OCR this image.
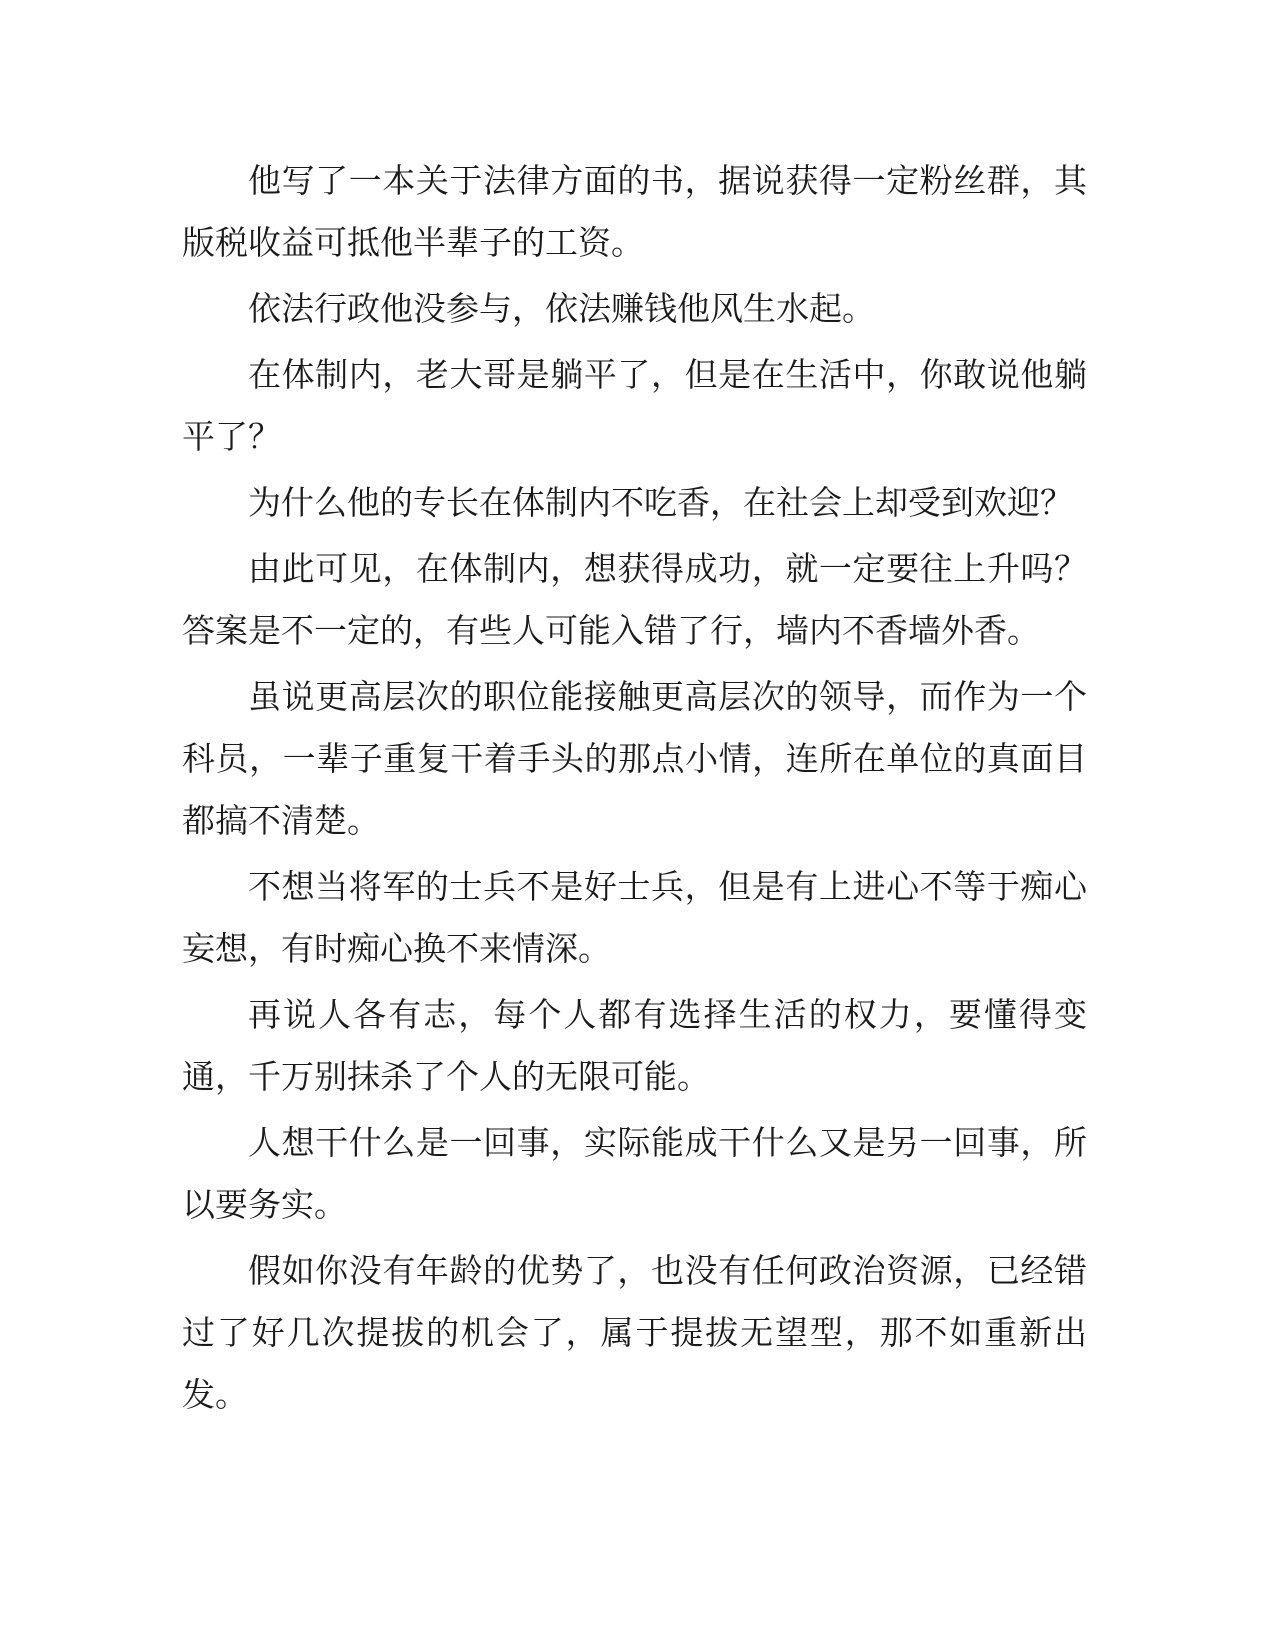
他写了一本关于法律方面的书，据说获得一定粉丝群，其版税收益可抵他半辈子的工资。

依法行政他没参与，依法赚钱他风生水起。

在体制内，老大哥是躺平了，但是在生活中，你敢说他躺平了？

为什么他的专长在体制内不吃香，在社会上却受到欢迎？

由此可见，在体制内，想获得成功，就一定要往上升吗？答案是不一定的，有些人可能入错了行，墙内不香墙外香。

虽说更高层次的职位能接触更高层次的领导，而作为一个科员，一辈子重复干着手头的那点小情，连所在单位的真面目都搞不清楚。

不想当将军的士兵不是好士兵，但是有上进心不等于痴心妄想，有时痴心换不来情深。

再说人各有志，每个人都有选择生活的权力，要懂得变通，千万别抹杀了个人的无限可能。

人想干什么是一回事，实际能成干什么又是另一回事，所以要务实。

假如你没有年龄的优势了，也没有任何政治资源，已经错过了好几次提拔的机会了，属于提拔无望型，那不如重新出发。
